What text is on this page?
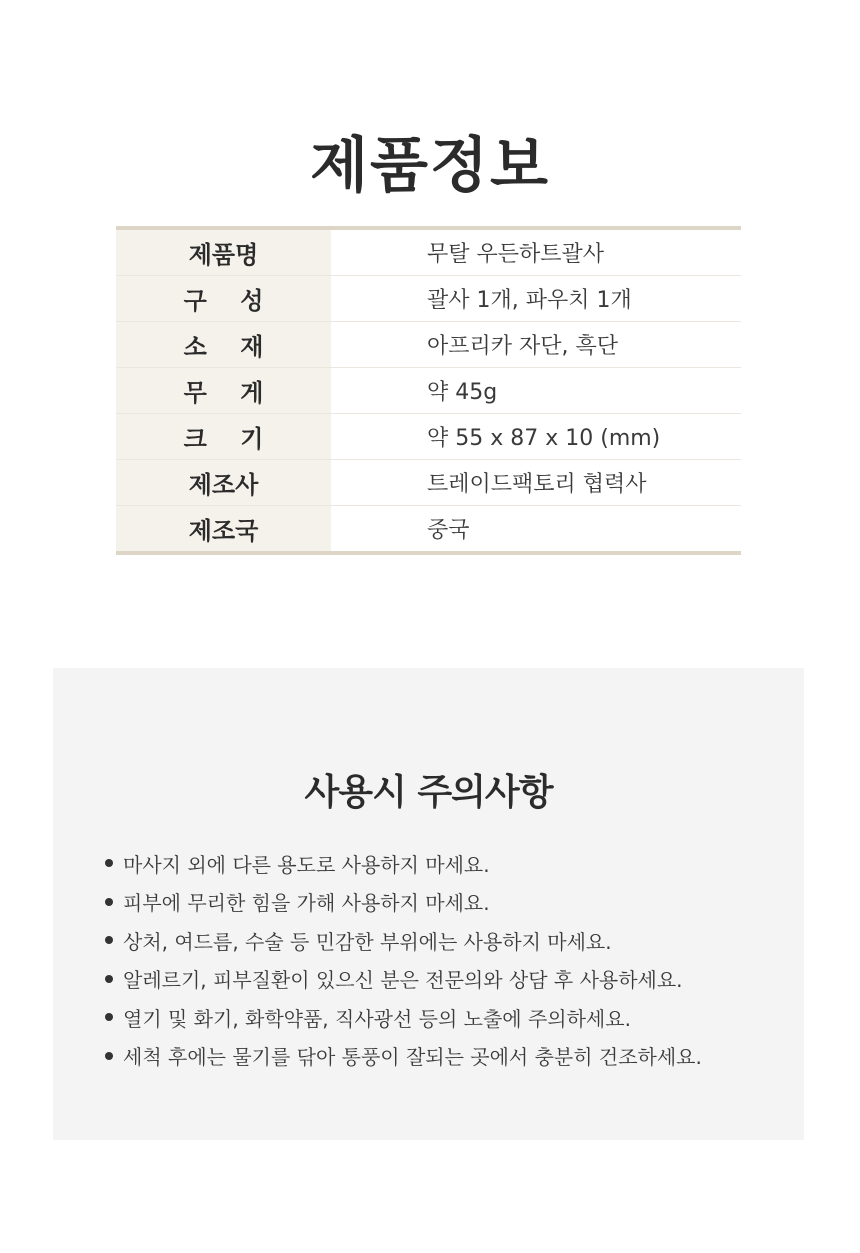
제품정보
제품명	무탈 우든하트괄사
구    성	괄사 1개, 파우치 1개
소    재	아프리카 자단, 흑단
무    게	약 45g
크    기	약 55 x 87 x 10 (mm)
제조사	트레이드팩토리 협력사
제조국	중국
사용시 주의사항
마사지 외에 다른 용도로 사용하지 마세요.
피부에 무리한 힘을 가해 사용하지 마세요.
상처, 여드름, 수술 등 민감한 부위에는 사용하지 마세요.
알레르기, 피부질환이 있으신 분은 전문의와 상담 후 사용하세요.
열기 및 화기, 화학약품, 직사광선 등의 노출에 주의하세요.
세척 후에는 물기를 닦아 통풍이 잘되는 곳에서 충분히 건조하세요.
